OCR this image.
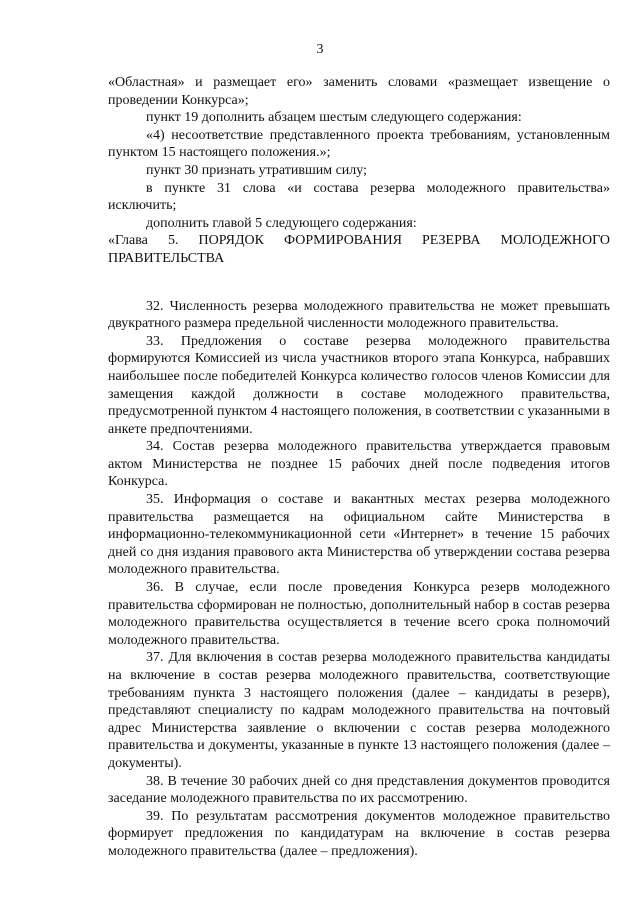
3

«Областная» и размещает его» заменить словами «размещает извещение о проведении Конкурса»;

пункт 19 дополнить абзацем шестым следующего содержания:

«4) несоответствие представленного проекта требованиям, установленным пунктом 15 настоящего положения.»;

пункт 30 признать утратившим силу;

в пункте 31 слова «и состава резерва молодежного правительства» исключить;

дополнить главой 5 следующего содержания:

«Глава 5. ПОРЯДОК ФОРМИРОВАНИЯ РЕЗЕРВА МОЛОДЕЖНОГО ПРАВИТЕЛЬСТВА

32. Численность резерва молодежного правительства не может превышать двукратного размера предельной численности молодежного правительства.

33. Предложения о составе резерва молодежного правительства формируются Комиссией из числа участников второго этапа Конкурса, набравших наибольшее после победителей Конкурса количество голосов членов Комиссии для замещения каждой должности в составе молодежного правительства, предусмотренной пунктом 4 настоящего положения, в соответствии с указанными в анкете предпочтениями.

34. Состав резерва молодежного правительства утверждается правовым актом Министерства не позднее 15 рабочих дней после подведения итогов Конкурса.

35. Информация о составе и вакантных местах резерва молодежного правительства размещается на официальном сайте Министерства в информационно-телекоммуникационной сети «Интернет» в течение 15 рабочих дней со дня издания правового акта Министерства об утверждении состава резерва молодежного правительства.

36. В случае, если после проведения Конкурса резерв молодежного правительства сформирован не полностью, дополнительный набор в состав резерва молодежного правительства осуществляется в течение всего срока полномочий молодежного правительства.

37. Для включения в состав резерва молодежного правительства кандидаты на включение в состав резерва молодежного правительства, соответствующие требованиям пункта 3 настоящего положения (далее – кандидаты в резерв), представляют специалисту по кадрам молодежного правительства на почтовый адрес Министерства заявление о включении с состав резерва молодежного правительства и документы, указанные в пункте 13 настоящего положения (далее – документы).

38. В течение 30 рабочих дней со дня представления документов проводится заседание молодежного правительства по их рассмотрению.

39. По результатам рассмотрения документов молодежное правительство формирует предложения по кандидатурам на включение в состав резерва молодежного правительства (далее – предложения).
